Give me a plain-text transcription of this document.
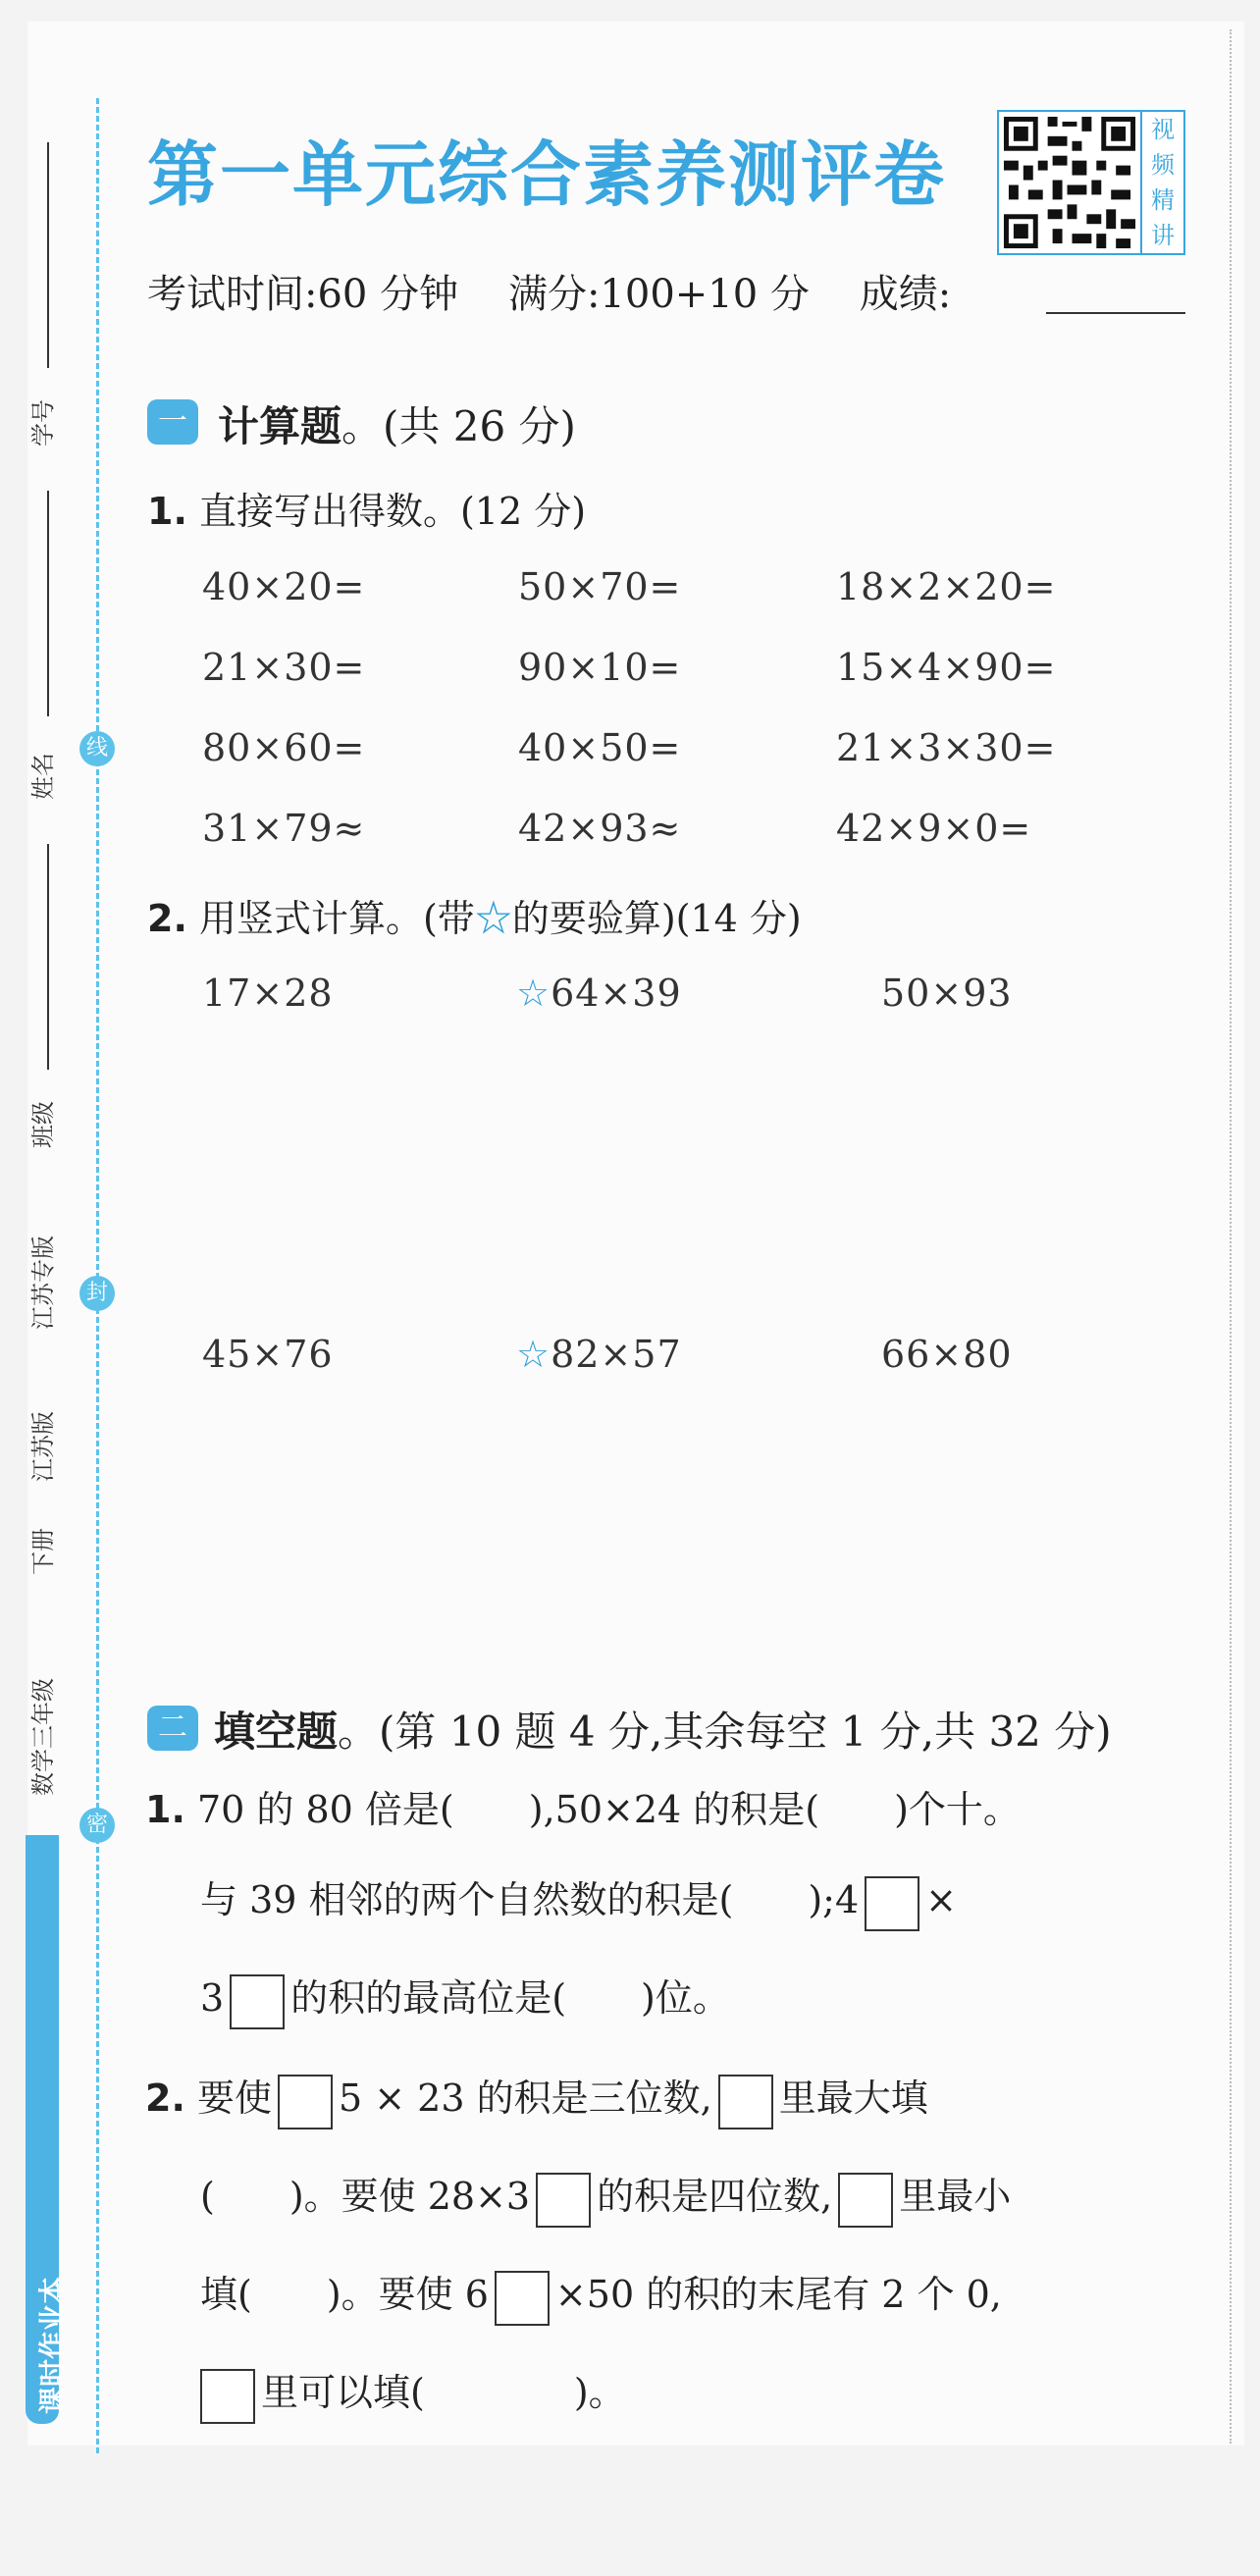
线
封
密
学号
姓名
班级
江苏专版
江苏版
下册
数学三年级
课时作业本
第一单元综合素养测评卷
视
频
精
讲
考试时间:60 分钟 满分:100+10 分 成绩:
一 计算题。(共 26 分)
1. 直接写出得数。(12 分)
40×20=	50×70=	18×2×20=
21×30=	90×10=	15×4×90=
80×60=	40×50=	21×3×30=
31×79≈	42×93≈	42×9×0=
2. 用竖式计算。(带☆的要验算)(14 分)
17×28	☆64×39	50×93
45×76	☆82×57	66×80
二 填空题。(第 10 题 4 分,其余每空 1 分,共 32 分)
1. 70 的 80 倍是(　　),50×24 的积是(　　)个十。
与 39 相邻的两个自然数的积是(　　);4 ×
3 的积的最高位是(　　)位。
2. 要使 5 × 23 的积是三位数, 里最大填
(　　)。要使 28×3 的积是四位数, 里最小
填(　　)。要使 6 ×50 的积的末尾有 2 个 0,
里可以填(　　　　)。
